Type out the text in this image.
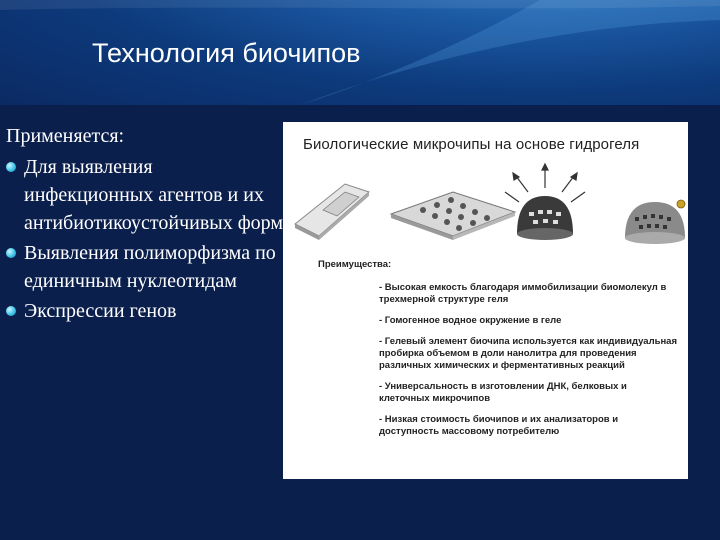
Технология биочипов
Применяется:
Для выявления инфекционных агентов и их антибиотикоустойчивых форм
Выявления полиморфизма по единичным нуклеотидам
Экспрессии генов
Биологические микрочипы на основе гидрогеля
Преимущества:
- Высокая емкость благодаря иммобилизации биомолекул в трехмерной структуре геля
- Гомогенное водное окружение в геле
- Гелевый элемент биочипа используется как индивидуальная пробирка объемом в доли нанолитра для проведения различных химических и ферментативных реакций
- Универсальность в изготовлении ДНК, белковых и клеточных микрочипов
- Низкая стоимость биочипов и их анализаторов и доступность массовому потребителю
